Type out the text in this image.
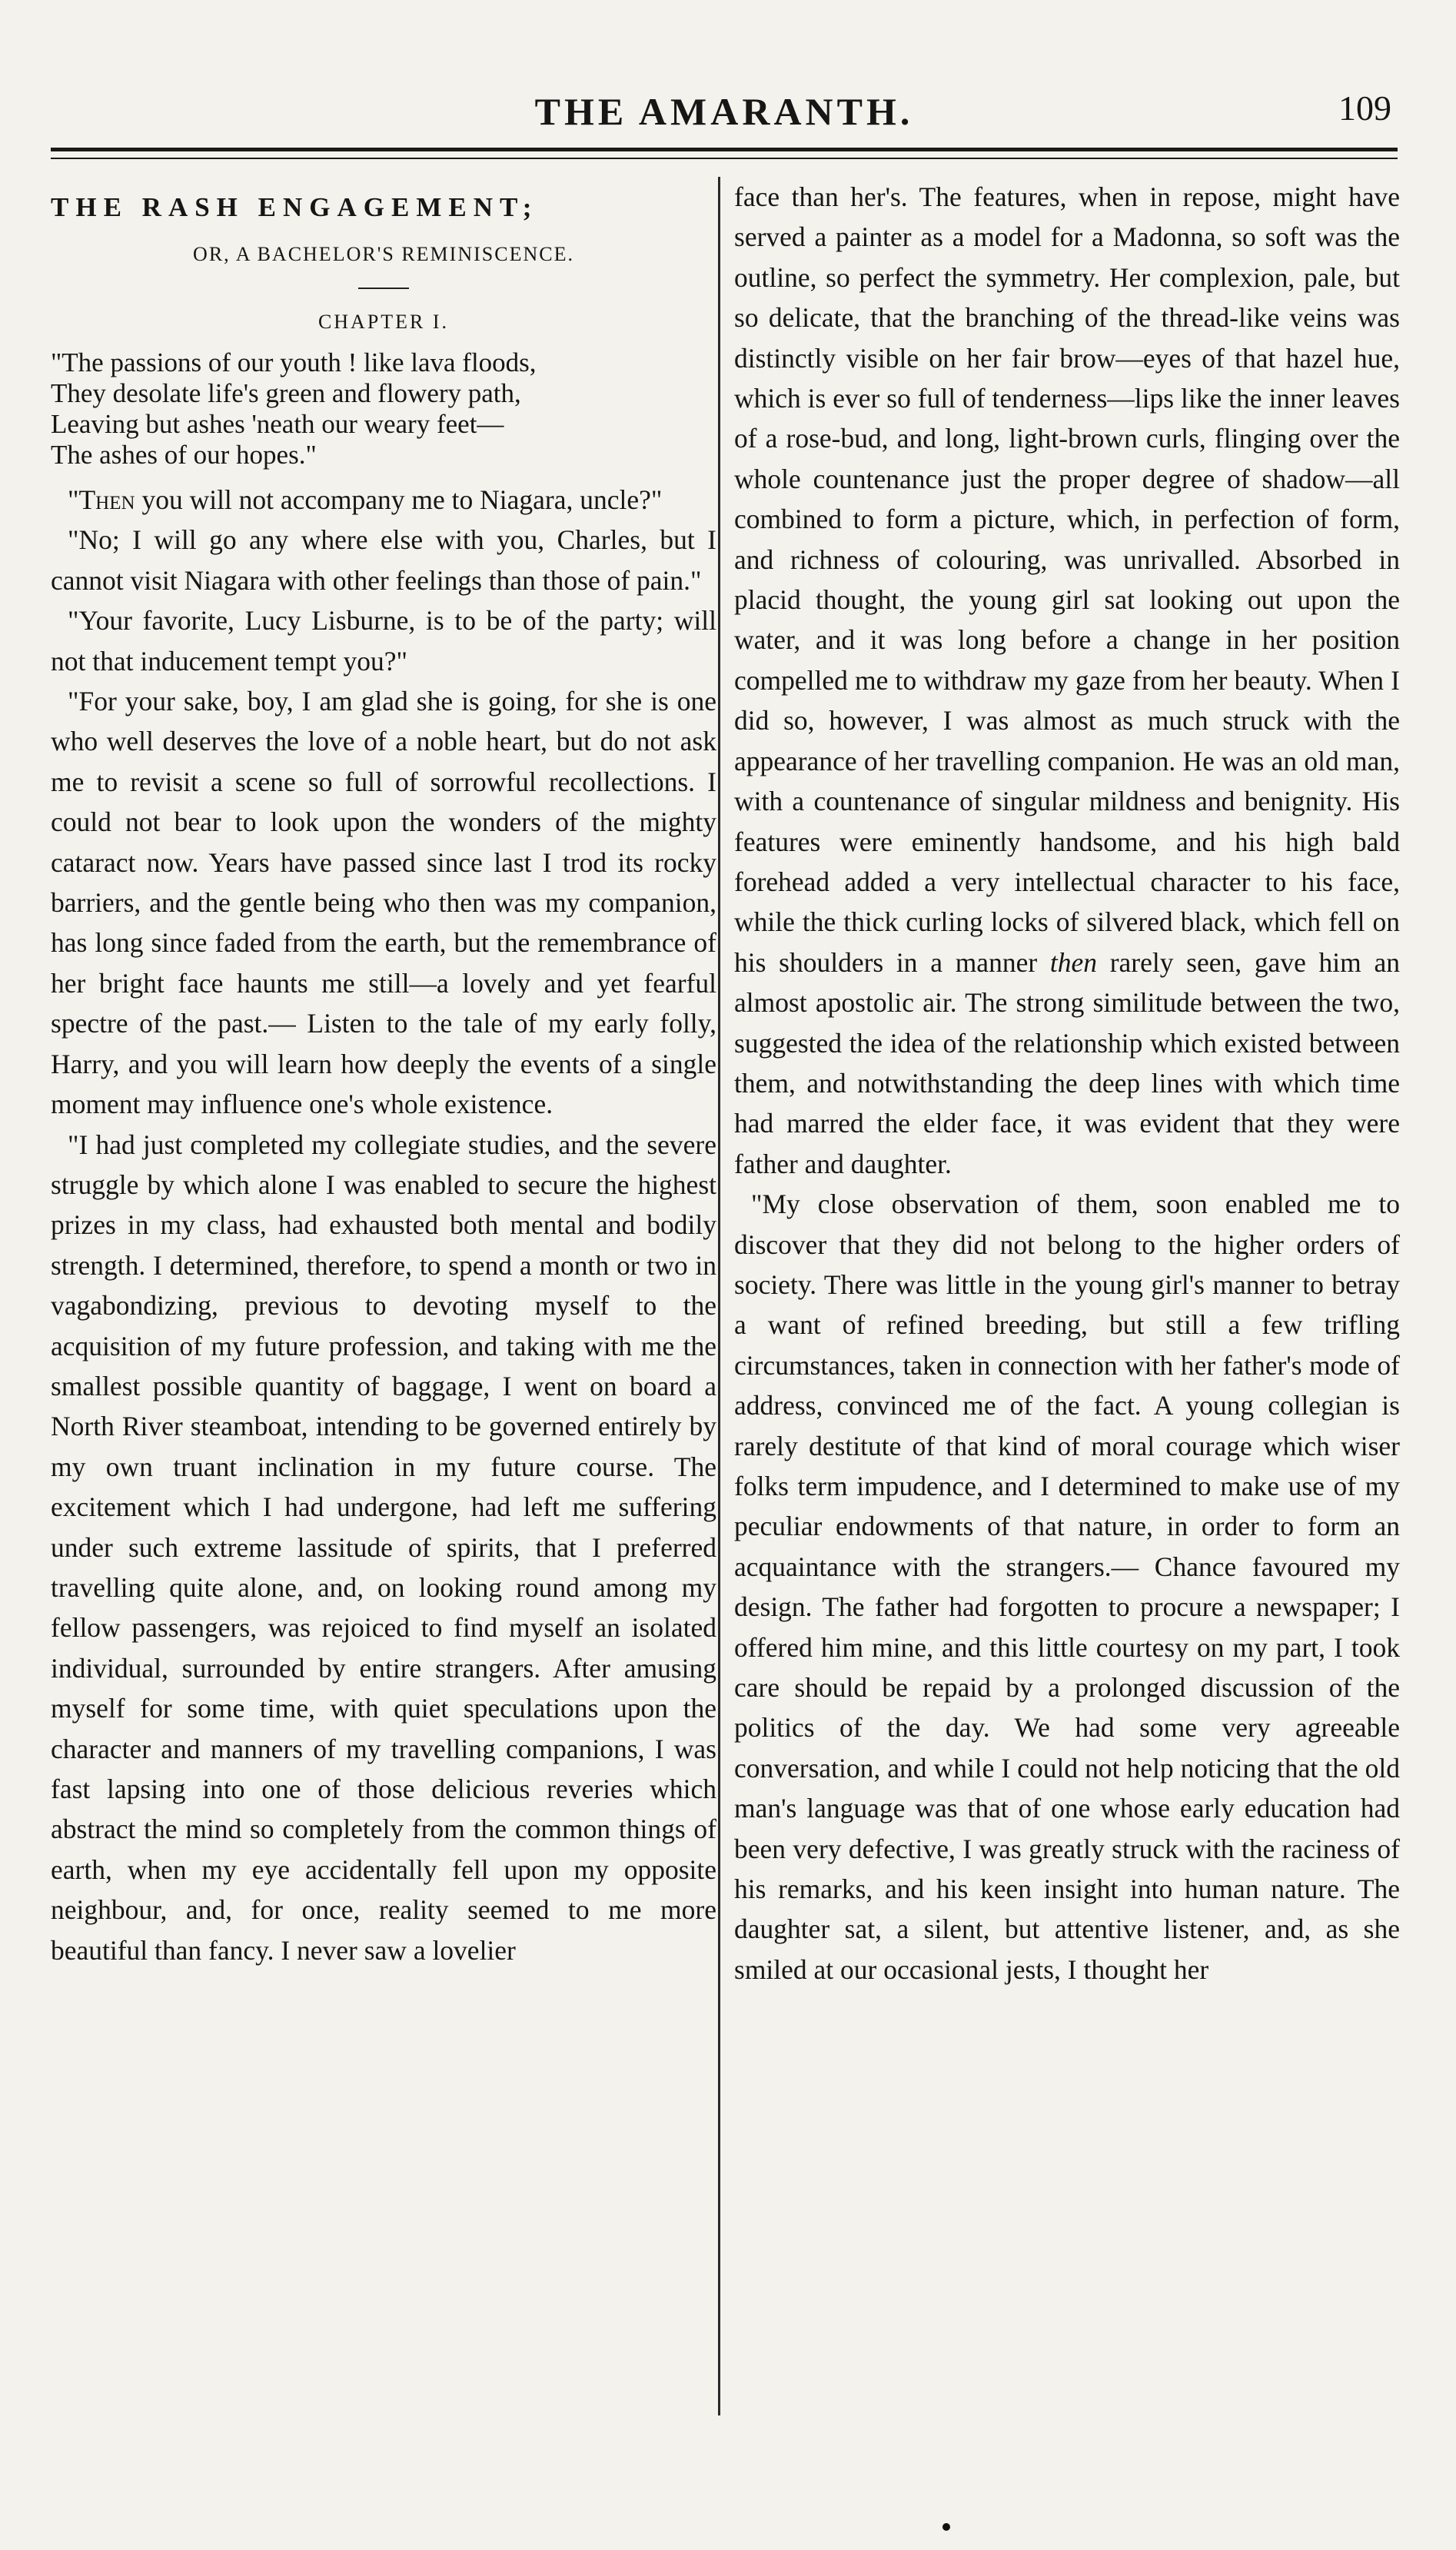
THE AMARANTH.	109
THE RASH ENGAGEMENT;
OR, A BACHELOR'S REMINISCENCE.
CHAPTER I.
"The passions of our youth ! like lava floods,
They desolate life's green and flowery path,
Leaving but ashes 'neath our weary feet—
The ashes of our hopes."

"Then you will not accompany me to Niagara, uncle?"

"No; I will go any where else with you, Charles, but I cannot visit Niagara with other feelings than those of pain."

"Your favorite, Lucy Lisburne, is to be of the party; will not that inducement tempt you?"

"For your sake, boy, I am glad she is going, for she is one who well deserves the love of a noble heart, but do not ask me to revisit a scene so full of sorrowful recollections. I could not bear to look upon the wonders of the mighty cataract now. Years have passed since last I trod its rocky barriers, and the gentle being who then was my companion, has long since faded from the earth, but the remembrance of her bright face haunts me still—a lovely and yet fearful spectre of the past.— Listen to the tale of my early folly, Harry, and you will learn how deeply the events of a single moment may influence one's whole existence.

"I had just completed my collegiate studies, and the severe struggle by which alone I was enabled to secure the highest prizes in my class, had exhausted both mental and bodily strength. I determined, therefore, to spend a month or two in vagabondizing, previous to devoting myself to the acquisition of my future profession, and taking with me the smallest possible quantity of baggage, I went on board a North River steamboat, intending to be governed entirely by my own truant inclination in my future course. The excitement which I had undergone, had left me suffering under such extreme lassitude of spirits, that I preferred travelling quite alone, and, on looking round among my fellow passengers, was rejoiced to find myself an isolated individual, surrounded by entire strangers. After amusing myself for some time, with quiet speculations upon the character and manners of my travelling companions, I was fast lapsing into one of those delicious reveries which abstract the mind so completely from the common things of earth, when my eye accidentally fell upon my opposite neighbour, and, for once, reality seemed to me more beautiful than fancy. I never saw a lovelier

face than her's. The features, when in repose, might have served a painter as a model for a Madonna, so soft was the outline, so perfect the symmetry. Her complexion, pale, but so delicate, that the branching of the thread-like veins was distinctly visible on her fair brow—eyes of that hazel hue, which is ever so full of tenderness—lips like the inner leaves of a rose-bud, and long, light-brown curls, flinging over the whole countenance just the proper degree of shadow—all combined to form a picture, which, in perfection of form, and richness of colouring, was unrivalled. Absorbed in placid thought, the young girl sat looking out upon the water, and it was long before a change in her position compelled me to withdraw my gaze from her beauty. When I did so, however, I was almost as much struck with the appearance of her travelling companion. He was an old man, with a countenance of singular mildness and benignity. His features were eminently handsome, and his high bald forehead added a very intellectual character to his face, while the thick curling locks of silvered black, which fell on his shoulders in a manner then rarely seen, gave him an almost apostolic air. The strong similitude between the two, suggested the idea of the relationship which existed between them, and notwithstanding the deep lines with which time had marred the elder face, it was evident that they were father and daughter.

"My close observation of them, soon enabled me to discover that they did not belong to the higher orders of society. There was little in the young girl's manner to betray a want of refined breeding, but still a few trifling circumstances, taken in connection with her father's mode of address, convinced me of the fact. A young collegian is rarely destitute of that kind of moral courage which wiser folks term impudence, and I determined to make use of my peculiar endowments of that nature, in order to form an acquaintance with the strangers.— Chance favoured my design. The father had forgotten to procure a newspaper; I offered him mine, and this little courtesy on my part, I took care should be repaid by a prolonged discussion of the politics of the day. We had some very agreeable conversation, and while I could not help noticing that the old man's language was that of one whose early education had been very defective, I was greatly struck with the raciness of his remarks, and his keen insight into human nature. The daughter sat, a silent, but attentive listener, and, as she smiled at our occasional jests, I thought her
